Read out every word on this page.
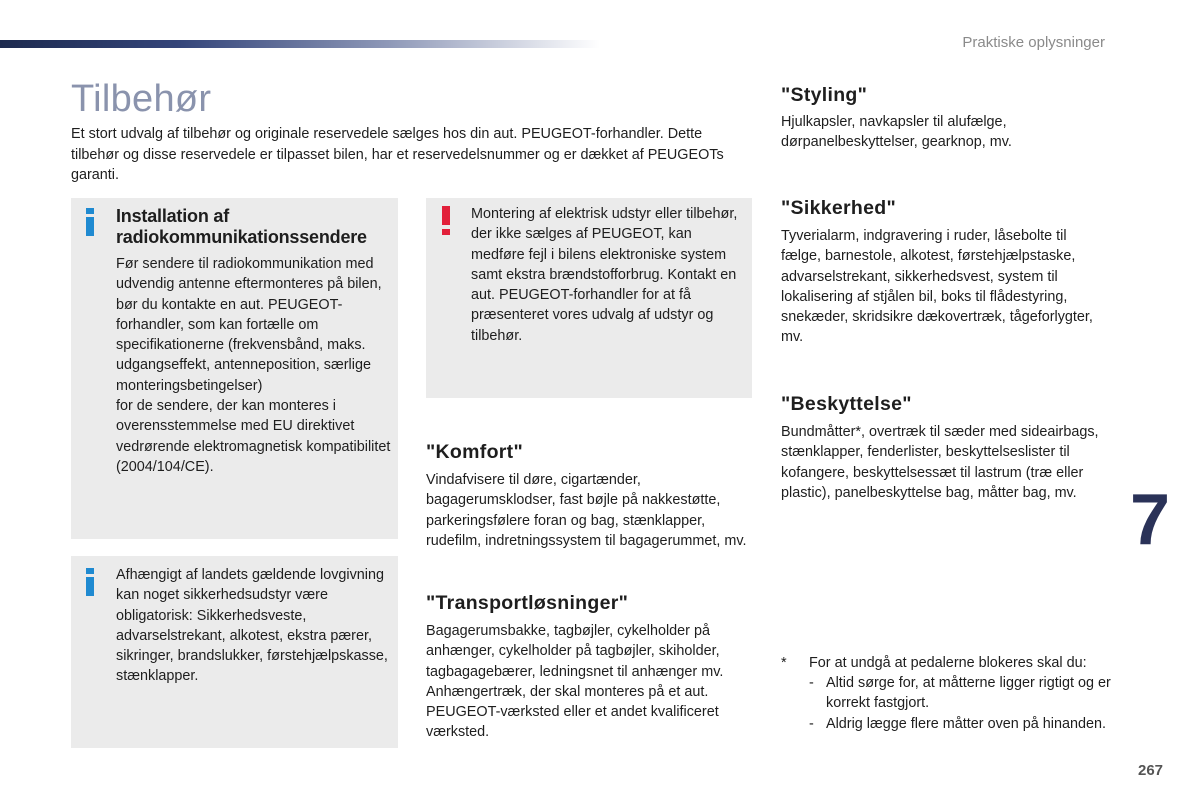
Praktiske oplysninger
Tilbehør

Et stort udvalg af tilbehør og originale reservedele sælges hos din aut. PEUGEOT-forhandler. Dette tilbehør og disse reservedele er tilpasset bilen, har et reservedelsnummer og er dækket af PEUGEOTs garanti.

Installation af radiokommunikationssendere
Før sendere til radiokommunikation med udvendig antenne eftermonteres på bilen, bør du kontakte en aut. PEUGEOT-forhandler, som kan fortælle om specifikationerne (frekvensbånd, maks. udgangseffekt, antenneposition, særlige monteringsbetingelser)
for de sendere, der kan monteres i overensstemmelse med EU direktivet vedrørende elektromagnetisk kompatibilitet (2004/104/CE).
Montering af elektrisk udstyr eller tilbehør, der ikke sælges af PEUGEOT, kan medføre fejl i bilens elektroniske system samt ekstra brændstofforbrug. Kontakt en aut. PEUGEOT-forhandler for at få præsenteret vores udvalg af udstyr og tilbehør.
Afhængigt af landets gældende lovgivning kan noget sikkerhedsudstyr være obligatorisk: Sikkerhedsveste, advarselstrekant, alkotest, ekstra pærer, sikringer, brandslukker, førstehjælpskasse, stænklapper.
"Komfort"
Vindafvisere til døre, cigartænder, bagagerumsklodser, fast bøjle på nakkestøtte, parkeringsfølere foran og bag, stænklapper, rudefilm, indretningssystem til bagagerummet, mv.
"Transportløsninger"
Bagagerumsbakke, tagbøjler, cykelholder på anhænger, cykelholder på tagbøjler, skiholder, tagbagagebærer, ledningsnet til anhænger mv. Anhængertræk, der skal monteres på et aut. PEUGEOT-værksted eller et andet kvalificeret værksted.
"Styling"
Hjulkapsler, navkapsler til alufælge, dørpanelbeskyttelser, gearknop, mv.
"Sikkerhed"
Tyverialarm, indgravering i ruder, låsebolte til fælge, barnestole, alkotest, førstehjælpstaske, advarselstrekant, sikkerhedsvest, system til lokalisering af stjålen bil, boks til flådestyring, snekæder, skridsikre dækovertræk, tågeforlygter, mv.
"Beskyttelse"
Bundmåtter*, overtræk til sæder med sideairbags, stænklapper, fenderlister, beskyttelseslister til kofangere, beskyttelsessæt til lastrum (træ eller plastic), panelbeskyttelse bag, måtter bag, mv. 7
* For at undgå at pedalerne blokeres skal du:
- Altid sørge for, at måtterne ligger rigtigt og er korrekt fastgjort.
- Aldrig lægge flere måtter oven på hinanden.
267
